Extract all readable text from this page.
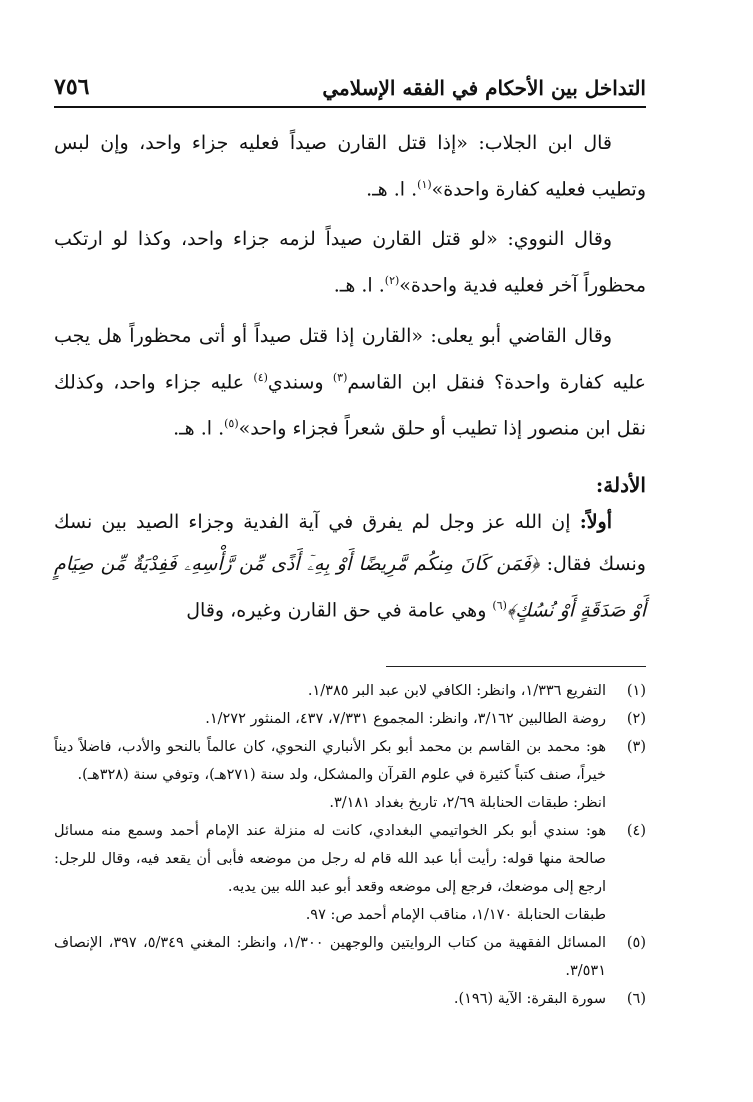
التداخل بين الأحكام في الفقه الإسلامي
٧٥٦
قال ابن الجلاب: «إذا قتل القارن صيداً فعليه جزاء واحد، وإن لبس وتطيب فعليه كفارة واحدة»$^{(١)}$. ا. هـ.
وقال النووي: «لو قتل القارن صيداً لزمه جزاء واحد، وكذا لو ارتكب محظوراً آخر فعليه فدية واحدة»$^{(٢)}$. ا. هـ.
وقال القاضي أبو يعلى: «القارن إذا قتل صيداً أو أتى محظوراً هل يجب عليه كفارة واحدة؟ فنقل ابن القاسم$^{(٣)}$ وسندي$^{(٤)}$ عليه جزاء واحد، وكذلك نقل ابن منصور إذا تطيب أو حلق شعراً فجزاء واحد»$^{(٥)}$. ا. هـ.
الأدلة:
أولاً: إن الله عز وجل لم يفرق في آية الفدية وجزاء الصيد بين نسك ونسك فقال: ﴿فَمَن كَانَ مِنكُم مَّرِيضًا أَوْ بِهِۦٓ أَذًى مِّن رَّأْسِهِۦ فَفِدْيَةٌ مِّن صِيَامٍ أَوْ صَدَقَةٍ أَوْ نُسُكٍ﴾$^{(٦)}$ وهي عامة في حق القارن وغيره، وقال
(١)
التفريع ١/٣٣٦، وانظر: الكافي لابن عبد البر ١/٣٨٥.
(٢)
روضة الطالبين ٣/١٦٢، وانظر: المجموع ٧/٣٣١، ٤٣٧، المنثور ١/٢٧٢.
(٣)
هو: محمد بن القاسم بن محمد أبو بكر الأنباري النحوي، كان عالماً بالنحو والأدب، فاضلاً ديناً خيراً، صنف كتباً كثيرة في علوم القرآن والمشكل، ولد سنة (٢٧١هـ)، وتوفي سنة (٣٢٨هـ).
انظر: طبقات الحنابلة ٢/٦٩، تاريخ بغداد ٣/١٨١.
(٤)
هو: سندي أبو بكر الخواتيمي البغدادي، كانت له منزلة عند الإمام أحمد وسمع منه مسائل صالحة منها قوله: رأيت أبا عبد الله قام له رجل من موضعه فأبى أن يقعد فيه، وقال للرجل: ارجع إلى موضعك، فرجع إلى موضعه وقعد أبو عبد الله بين يديه.
طبقات الحنابلة ١/١٧٠، مناقب الإمام أحمد ص: ٩٧.
(٥)
المسائل الفقهية من كتاب الروايتين والوجهين ١/٣٠٠، وانظر: المغني ٥/٣٤٩، ٣٩٧، الإنصاف ٣/٥٣١.
(٦)
سورة البقرة: الآية (١٩٦).
